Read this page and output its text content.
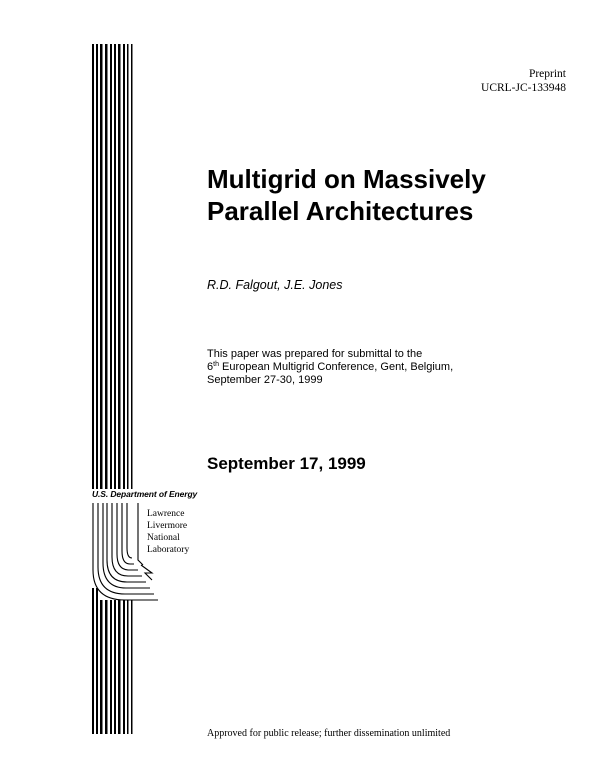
Preprint
UCRL-JC-133948
Multigrid on Massively
Parallel Architectures
R.D. Falgout, J.E. Jones
This paper was prepared for submittal to the
6th European Multigrid Conference, Gent, Belgium,
September 27-30, 1999
September 17, 1999
U.S. Department of Energy
Lawrence
Livermore
National
Laboratory
Approved for public release; further dissemination unlimited
